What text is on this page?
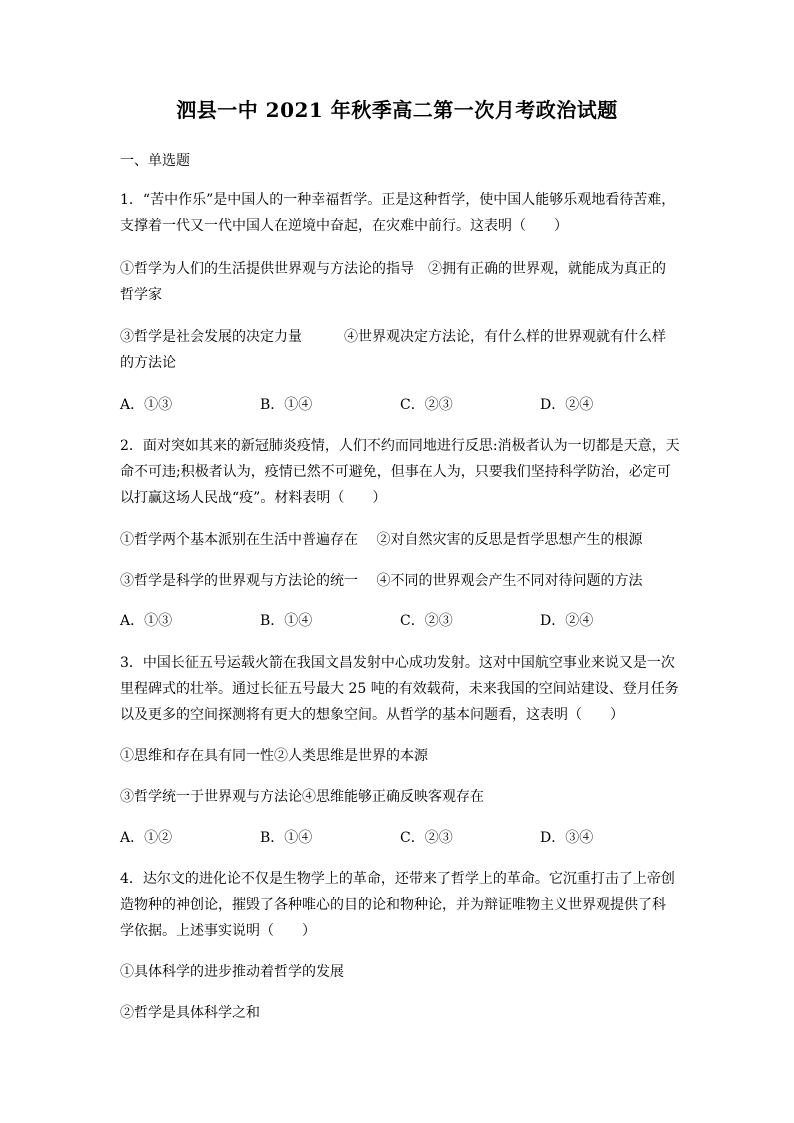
泗县一中 2021 年秋季高二第一次月考政治试题
一、单选题
1．“苦中作乐”是中国人的一种幸福哲学。正是这种哲学，使中国人能够乐观地看待苦难，
支撑着一代又一代中国人在逆境中奋起，在灾难中前行。这表明（　　）
①哲学为人们的生活提供世界观与方法论的指导　②拥有正确的世界观，就能成为真正的
哲学家
③哲学是社会发展的决定力量　　　④世界观决定方法论，有什么样的世界观就有什么样
的方法论
A．①③	B．①④	C．②③	D．②④
2．面对突如其来的新冠肺炎疫情，人们不约而同地进行反思:消极者认为一切都是天意，天
命不可违;积极者认为，疫情已然不可避免，但事在人为，只要我们坚持科学防治，必定可
以打赢这场人民战“疫”。材料表明（　　）
①哲学两个基本派别在生活中普遍存在　 ②对自然灾害的反思是哲学思想产生的根源
③哲学是科学的世界观与方法论的统一　 ④不同的世界观会产生不同对待问题的方法
A．①③	B．①④	C．②③	D．②④
3．中国长征五号运载火箭在我国文昌发射中心成功发射。这对中国航空事业来说又是一次
里程碑式的壮举。通过长征五号最大 25 吨的有效载荷，未来我国的空间站建设、登月任务
以及更多的空间探测将有更大的想象空间。从哲学的基本问题看，这表明（　　）
①思维和存在具有同一性②人类思维是世界的本源
③哲学统一于世界观与方法论④思维能够正确反映客观存在
A．①②	B．①④	C．②③	D．③④
4．达尔文的进化论不仅是生物学上的革命，还带来了哲学上的革命。它沉重打击了上帝创
造物种的神创论，摧毁了各种唯心的目的论和物种论，并为辩证唯物主义世界观提供了科
学依据。上述事实说明（　　）
①具体科学的进步推动着哲学的发展
②哲学是具体科学之和
